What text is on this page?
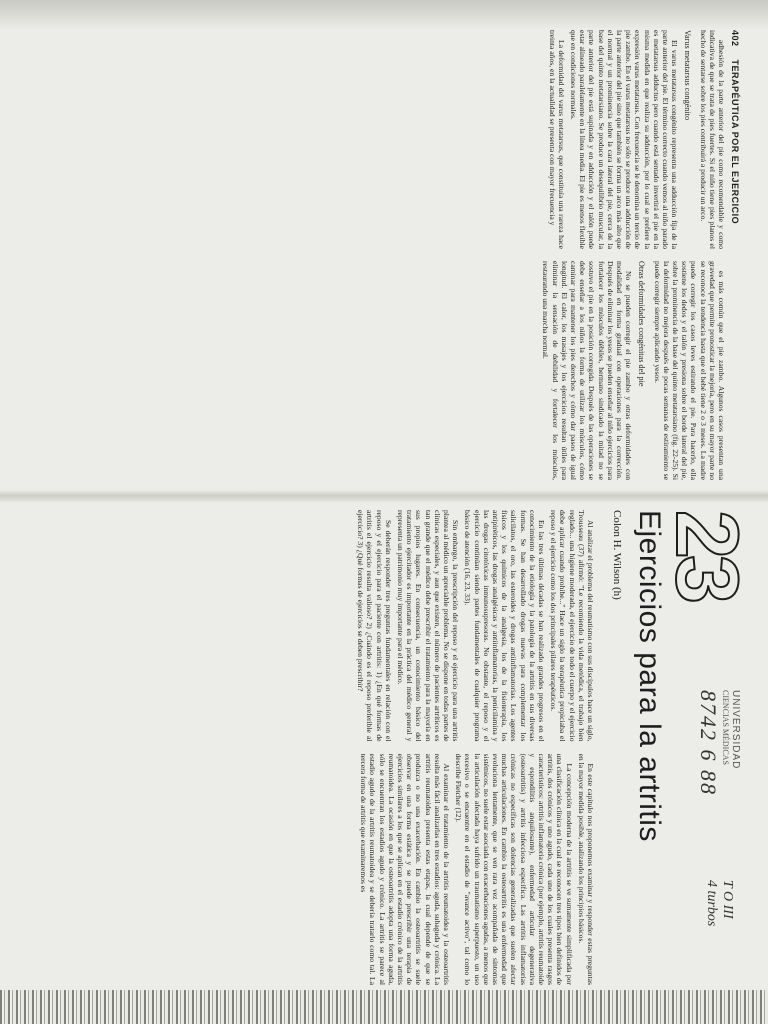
402 TERAPÉUTICA POR EL EJERCICIO

adhesión de la parte anterior del pie como recomendable y como indicativa de que se trata de pies fuertes. Si el niño tiene pies planos el hecho de sentarse sobre los pies contribuirá a producir un arco.

Varus metatarsus congénito

El varus metatarsus congénito representa una adducción fija de la parte anterior del pie. El término correcto cuando vemos al niño parado es metatarsus adductus pero cuando está sentado invertirá el pie en la misma medida en que realiza su adducción, por lo cual se prefiere la expresión varus metatarsus. Con frecuencia se le denomina un tercio de pie zambo. En el varus metatarsus no sólo se produce una adducción de la parte anterior del pie sino que también se forma un arco más alto que el normal y un prominencia sobre la cara lateral del pie, cerca de la base del quinto metatarsiano. Se produce un desequilibrio muscular, la parte anterior del pie está supinada y en adducción y el talón puede estar alineado paralelamente en la línea media. El pie es menos flexible que en condiciones normales.

La deformidad del varus metatarsus, que constituía una rareza hace treinta años, en la actualidad se presenta con mayor frecuencia y

es más común que el pie zambo. Algunos casos presentan una gravedad que permite pronosticar la mejoría, pero en su mayor parte no se reconoce la tendencia hasta que el bebé tiene 2 o 3 meses. La madre puede corregir los casos leves estirando el pie. Para hacerlo, ella sostiene los dedos y el talón y presiona sobre el borde lateral del pie, sobre la prominencia de la base del quinto metatarsiano (fig. 22-25). Si la deformidad no mejora después de pocas semanas de estiramiento se puede corregir siempre aplicando yesos.

Otras deformidades congénitas del pie

No se pueden corregir el pie zambo y otras deformidades con modalidad en forma gradual con operaciones para la corrección. Después de eliminar los yesos se pueden enseñar al niño ejercicios para fortalecer los músculos débiles, hermano sindicado la mitad no se sostuvo el pie en la posición corregida. Después de las operaciones se debe enseñar a los niños la forma de utilizar los músculos, cómo caminar para mantener los pies derechos y cómo dar pasos de igual longitud. El calor, los masajes y los ejercicios resultan útiles para eliminar la sensación de debilidad y fortalecer los músculos, restaurando una marcha normal.

23
UNIVERSIDAD
CIENCIAS MÉDICAS
8742 6 88
T O III
4 turbos
Ejercicios para la artritis
Colon H. Wilson (h)

Al analizar el problema del reumatismo con sus discípulos hace un siglo, Trousseau (37) afirmó: "Le recomiendo la vida metódica, el trabajo bien reglado... una higiene moderada, el ejercicio de todo el cuerpo y el ejercicio debe aplicar cuando prohibe..." Hace un siglo la terapéutica propiciaba el reposo y el ejercicio como los dos principales pilares terapéuticos.

En las tres últimas décadas se han realizado grandes progresos en el conocimiento de la etiología y la patología de la artritis en sus diversas formas. Se han desarrollado drogas nuevas para complementar los salicilatos, el oro, las esteroides y drogas antiinflamatorias. Los agentes físicos y los químicos de la analgesia, los de la fisioterapia, los antipiréticos, las drogas analgésicas y antiinflamatorias, la penicilamina y las drogas citotóxicas inmunosupresoras. No obstante, el reposo y el ejercicio continúan siendo partes fundamentales de cualquier programa básico de atención (16, 23, 33).

Sin embargo, la prescripción del reposo y el ejercicio para una artritis plantea al médico un apreciable problema. No se dispone en todas partes de clínicas especiales, y aun que existen, el número de pacientes artríticos es tan grande que el médico debe prescribir el tratamiento para la mayoría en sus propios lugares. En consecuencia, un conocimiento básico del tratamiento ejercitador es importante en la práctica del médico general y representa un patrimonio muy importante para el médico.

Se deberán responder tres preguntas fundamentales en relación con el reposo y el ejercicio para el paciente con artritis: 1) ¿En qué formas de artritis el ejercicio resulta valioso? 2) ¿Cuándo es el reposo preferible al ejercicio? 3) ¿Qué formas de ejercicios se deben prescribir?

En este capítulo nos proponemos examinar y responder estas preguntas en la mayor medida posible, analizando los principios básicos.

La concepción moderna de la artritis se ve sumamente simplificada por una clasificación clínica en la cual se reconocen tres tipos bien definidos de artritis, dos crónicos y uno agudo, cada uno de los cuales presenta rasgos característicos: artritis inflamatoria crónica (por ejemplo, artritis reumatoide y espondilitis anquilosante), enfermedad articular degenerativa (osteoartritis) y artritis infecciosa específica. Las artritis inflamatorias crónicas no específicas son dolencias generalizadas que suelen afectar muchas articulaciones. En cambio la osteoartritis es una enfermedad que evoluciona lentamente, que se ven rara vez acompañada de síntomas sistémicos, no suele estar asociada con exacerbaciones agudas, a menos que la articulación afectada haya sufrido un traumatismo superpuesto, un uso excesivo o se encuentre en el estadio de "avance activo", tal como lo describe Fletcher (12).

Al examinar el tratamiento de la artritis reumatoidea y la osteoartritis resulta más fácil analizarlas en tres estadios: aguda, subaguda y crónica. La artritis reumatoidea presenta estas etapas, la cual depende de que se produzca o no una exacerbación. En cambio la osteoartritis se suele observar en una forma estática y se puede prescribir una terapia de ejercicios similares a los que se aplican en el estadio crónico de la artritis reumatoidea. La ocasión en que la osteoartritis adopta una forma aguda, sólo se encuentran los estadios agudo y crónico. La artritis se parece al estadio agudo de la artritis reumatoidea y se debería tratarlo como tal. La tercera forma de artritis que examinaremos es
